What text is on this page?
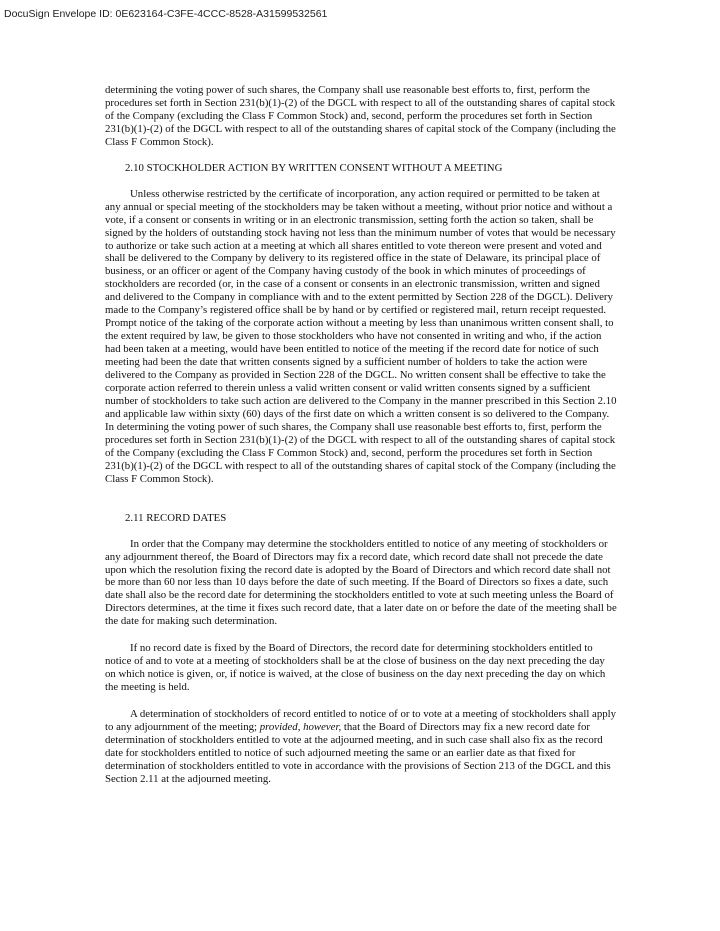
DocuSign Envelope ID: 0E623164-C3FE-4CCC-8528-A31599532561

determining the voting power of such shares, the Company shall use reasonable best efforts to, first, perform the procedures set forth in Section 231(b)(1)-(2) of the DGCL with respect to all of the outstanding shares of capital stock of the Company (excluding the Class F Common Stock) and, second, perform the procedures set forth in Section 231(b)(1)-(2) of the DGCL with respect to all of the outstanding shares of capital stock of the Company (including the Class F Common Stock).

2.10 STOCKHOLDER ACTION BY WRITTEN CONSENT WITHOUT A MEETING

Unless otherwise restricted by the certificate of incorporation, any action required or permitted to be taken at any annual or special meeting of the stockholders may be taken without a meeting, without prior notice and without a vote, if a consent or consents in writing or in an electronic transmission, setting forth the action so taken, shall be signed by the holders of outstanding stock having not less than the minimum number of votes that would be necessary to authorize or take such action at a meeting at which all shares entitled to vote thereon were present and voted and shall be delivered to the Company by delivery to its registered office in the state of Delaware, its principal place of business, or an officer or agent of the Company having custody of the book in which minutes of proceedings of stockholders are recorded (or, in the case of a consent or consents in an electronic transmission, written and signed and delivered to the Company in compliance with and to the extent permitted by Section 228 of the DGCL). Delivery made to the Company’s registered office shall be by hand or by certified or registered mail, return receipt requested. Prompt notice of the taking of the corporate action without a meeting by less than unanimous written consent shall, to the extent required by law, be given to those stockholders who have not consented in writing and who, if the action had been taken at a meeting, would have been entitled to notice of the meeting if the record date for notice of such meeting had been the date that written consents signed by a sufficient number of holders to take the action were delivered to the Company as provided in Section 228 of the DGCL. No written consent shall be effective to take the corporate action referred to therein unless a valid written consent or valid written consents signed by a sufficient number of stockholders to take such action are delivered to the Company in the manner prescribed in this Section 2.10 and applicable law within sixty (60) days of the first date on which a written consent is so delivered to the Company. In determining the voting power of such shares, the Company shall use reasonable best efforts to, first, perform the procedures set forth in Section 231(b)(1)-(2) of the DGCL with respect to all of the outstanding shares of capital stock of the Company (excluding the Class F Common Stock) and, second, perform the procedures set forth in Section 231(b)(1)-(2) of the DGCL with respect to all of the outstanding shares of capital stock of the Company (including the Class F Common Stock).

2.11 RECORD DATES

In order that the Company may determine the stockholders entitled to notice of any meeting of stockholders or any adjournment thereof, the Board of Directors may fix a record date, which record date shall not precede the date upon which the resolution fixing the record date is adopted by the Board of Directors and which record date shall not be more than 60 nor less than 10 days before the date of such meeting. If the Board of Directors so fixes a date, such date shall also be the record date for determining the stockholders entitled to vote at such meeting unless the Board of Directors determines, at the time it fixes such record date, that a later date on or before the date of the meeting shall be the date for making such determination.

If no record date is fixed by the Board of Directors, the record date for determining stockholders entitled to notice of and to vote at a meeting of stockholders shall be at the close of business on the day next preceding the day on which notice is given, or, if notice is waived, at the close of business on the day next preceding the day on which the meeting is held.

A determination of stockholders of record entitled to notice of or to vote at a meeting of stockholders shall apply to any adjournment of the meeting; provided, however, that the Board of Directors may fix a new record date for determination of stockholders entitled to vote at the adjourned meeting, and in such case shall also fix as the record date for stockholders entitled to notice of such adjourned meeting the same or an earlier date as that fixed for determination of stockholders entitled to vote in accordance with the provisions of Section 213 of the DGCL and this Section 2.11 at the adjourned meeting.
